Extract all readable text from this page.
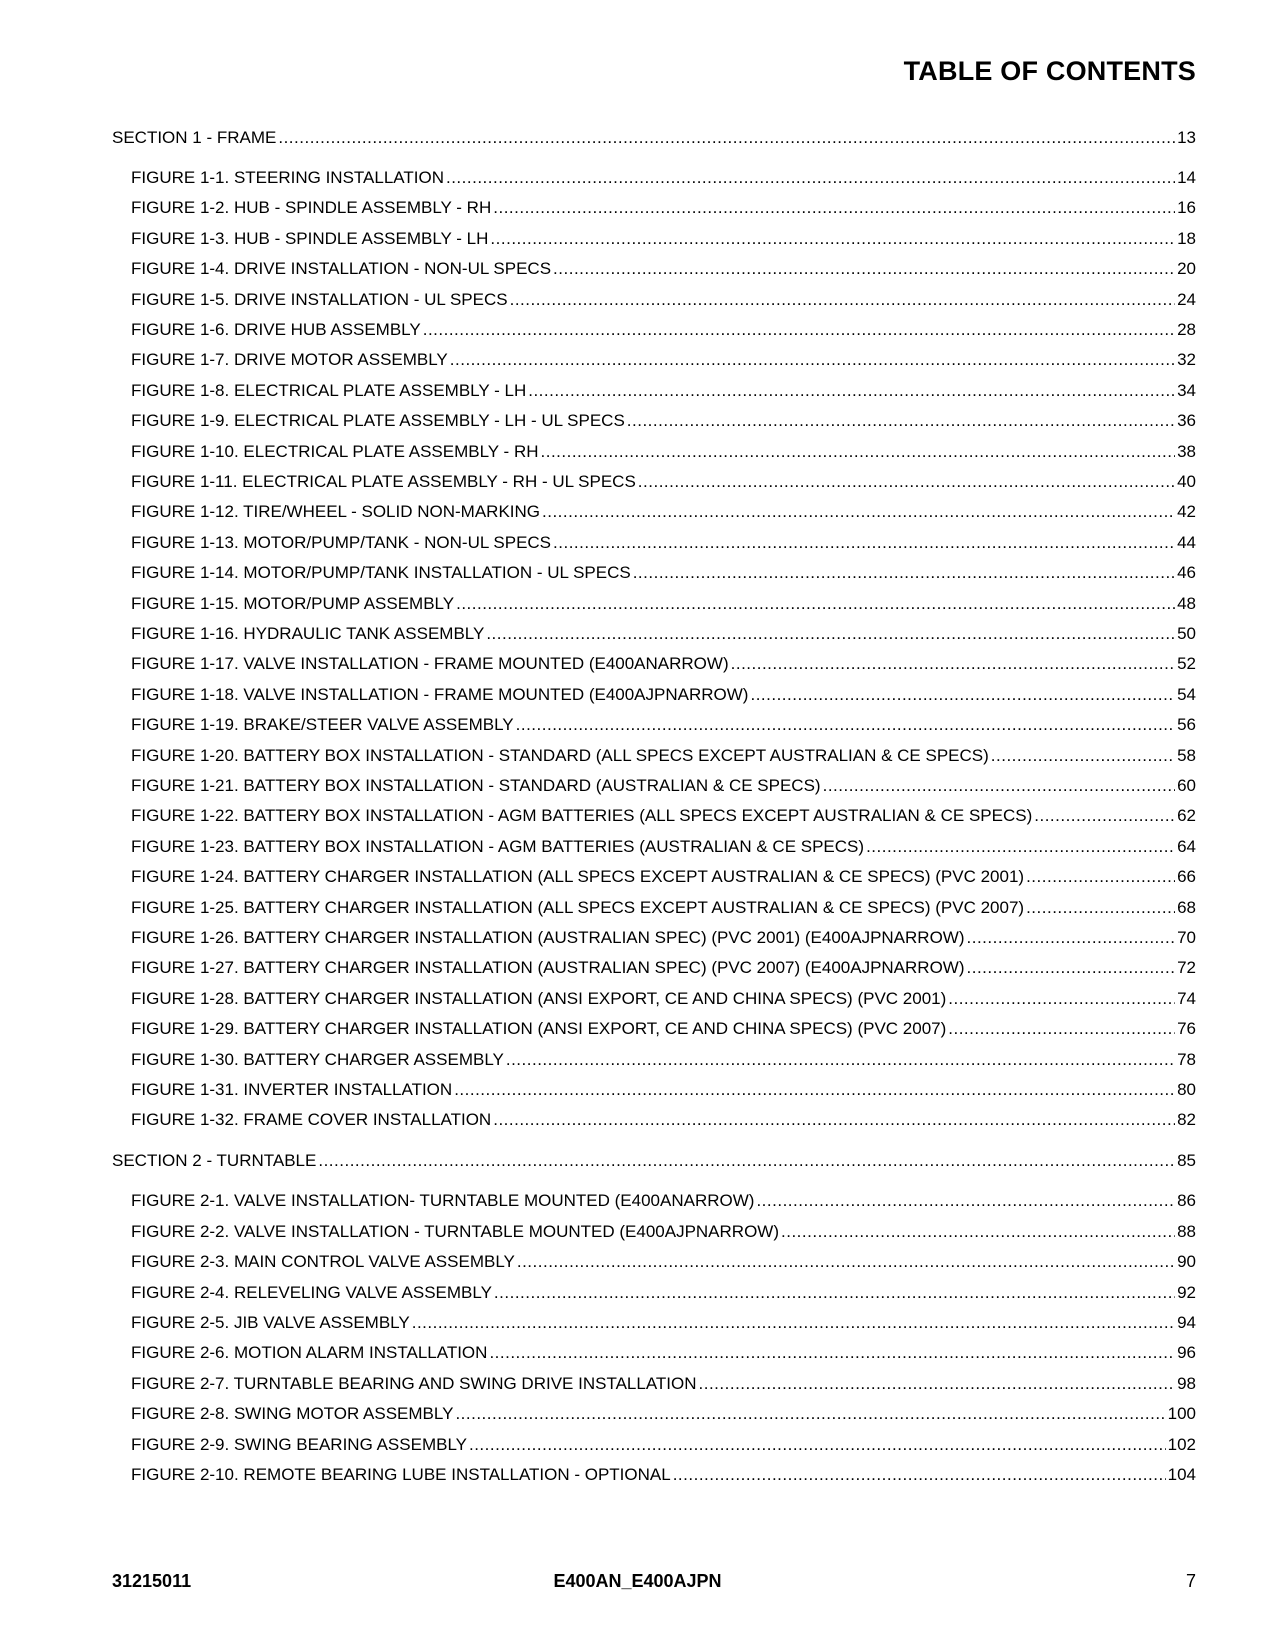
TABLE OF CONTENTS
SECTION 1 - FRAME .....	13
FIGURE 1-1. STEERING INSTALLATION .....	14
FIGURE 1-2. HUB - SPINDLE ASSEMBLY - RH .....	16
FIGURE 1-3. HUB - SPINDLE ASSEMBLY - LH .....	18
FIGURE 1-4. DRIVE INSTALLATION - NON-UL SPECS .....	20
FIGURE 1-5. DRIVE INSTALLATION - UL SPECS .....	24
FIGURE 1-6. DRIVE HUB ASSEMBLY .....	28
FIGURE 1-7. DRIVE MOTOR ASSEMBLY .....	32
FIGURE 1-8. ELECTRICAL PLATE ASSEMBLY - LH .....	34
FIGURE 1-9. ELECTRICAL PLATE ASSEMBLY - LH - UL SPECS .....	36
FIGURE 1-10. ELECTRICAL PLATE ASSEMBLY - RH .....	38
FIGURE 1-11. ELECTRICAL PLATE ASSEMBLY - RH - UL SPECS .....	40
FIGURE 1-12. TIRE/WHEEL - SOLID NON-MARKING .....	42
FIGURE 1-13. MOTOR/PUMP/TANK - NON-UL SPECS .....	44
FIGURE 1-14. MOTOR/PUMP/TANK INSTALLATION - UL SPECS .....	46
FIGURE 1-15. MOTOR/PUMP ASSEMBLY .....	48
FIGURE 1-16. HYDRAULIC TANK ASSEMBLY .....	50
FIGURE 1-17. VALVE INSTALLATION - FRAME MOUNTED (E400ANARROW) .....	52
FIGURE 1-18. VALVE INSTALLATION - FRAME MOUNTED (E400AJPNARROW) .....	54
FIGURE 1-19. BRAKE/STEER VALVE ASSEMBLY .....	56
FIGURE 1-20. BATTERY BOX INSTALLATION - STANDARD (ALL SPECS EXCEPT AUSTRALIAN & CE SPECS) .....	58
FIGURE 1-21. BATTERY BOX INSTALLATION - STANDARD (AUSTRALIAN & CE SPECS) .....	60
FIGURE 1-22. BATTERY BOX INSTALLATION - AGM BATTERIES (ALL SPECS EXCEPT AUSTRALIAN & CE SPECS) .....	62
FIGURE 1-23. BATTERY BOX INSTALLATION - AGM BATTERIES (AUSTRALIAN & CE SPECS) .....	64
FIGURE 1-24. BATTERY CHARGER INSTALLATION (ALL SPECS EXCEPT AUSTRALIAN & CE SPECS) (PVC 2001) .....	66
FIGURE 1-25. BATTERY CHARGER INSTALLATION (ALL SPECS EXCEPT AUSTRALIAN & CE SPECS) (PVC 2007) .....	68
FIGURE 1-26. BATTERY CHARGER INSTALLATION (AUSTRALIAN SPEC) (PVC 2001) (E400AJPNARROW) .....	70
FIGURE 1-27. BATTERY CHARGER INSTALLATION (AUSTRALIAN SPEC) (PVC 2007) (E400AJPNARROW) .....	72
FIGURE 1-28. BATTERY CHARGER INSTALLATION (ANSI EXPORT, CE AND CHINA SPECS) (PVC 2001) .....	74
FIGURE 1-29. BATTERY CHARGER INSTALLATION (ANSI EXPORT, CE AND CHINA SPECS) (PVC 2007) .....	76
FIGURE 1-30. BATTERY CHARGER ASSEMBLY .....	78
FIGURE 1-31. INVERTER INSTALLATION .....	80
FIGURE 1-32. FRAME COVER INSTALLATION .....	82
SECTION 2 - TURNTABLE .....	85
FIGURE 2-1. VALVE INSTALLATION- TURNTABLE MOUNTED (E400ANARROW) .....	86
FIGURE 2-2. VALVE INSTALLATION - TURNTABLE MOUNTED (E400AJPNARROW) .....	88
FIGURE 2-3. MAIN CONTROL VALVE ASSEMBLY .....	90
FIGURE 2-4. RELEVELING VALVE ASSEMBLY .....	92
FIGURE 2-5. JIB VALVE ASSEMBLY .....	94
FIGURE 2-6. MOTION ALARM INSTALLATION .....	96
FIGURE 2-7. TURNTABLE BEARING AND SWING DRIVE INSTALLATION .....	98
FIGURE 2-8. SWING MOTOR ASSEMBLY .....	100
FIGURE 2-9. SWING BEARING ASSEMBLY .....	102
FIGURE 2-10. REMOTE BEARING LUBE INSTALLATION - OPTIONAL .....	104
31215011	E400AN_E400AJPN	7
